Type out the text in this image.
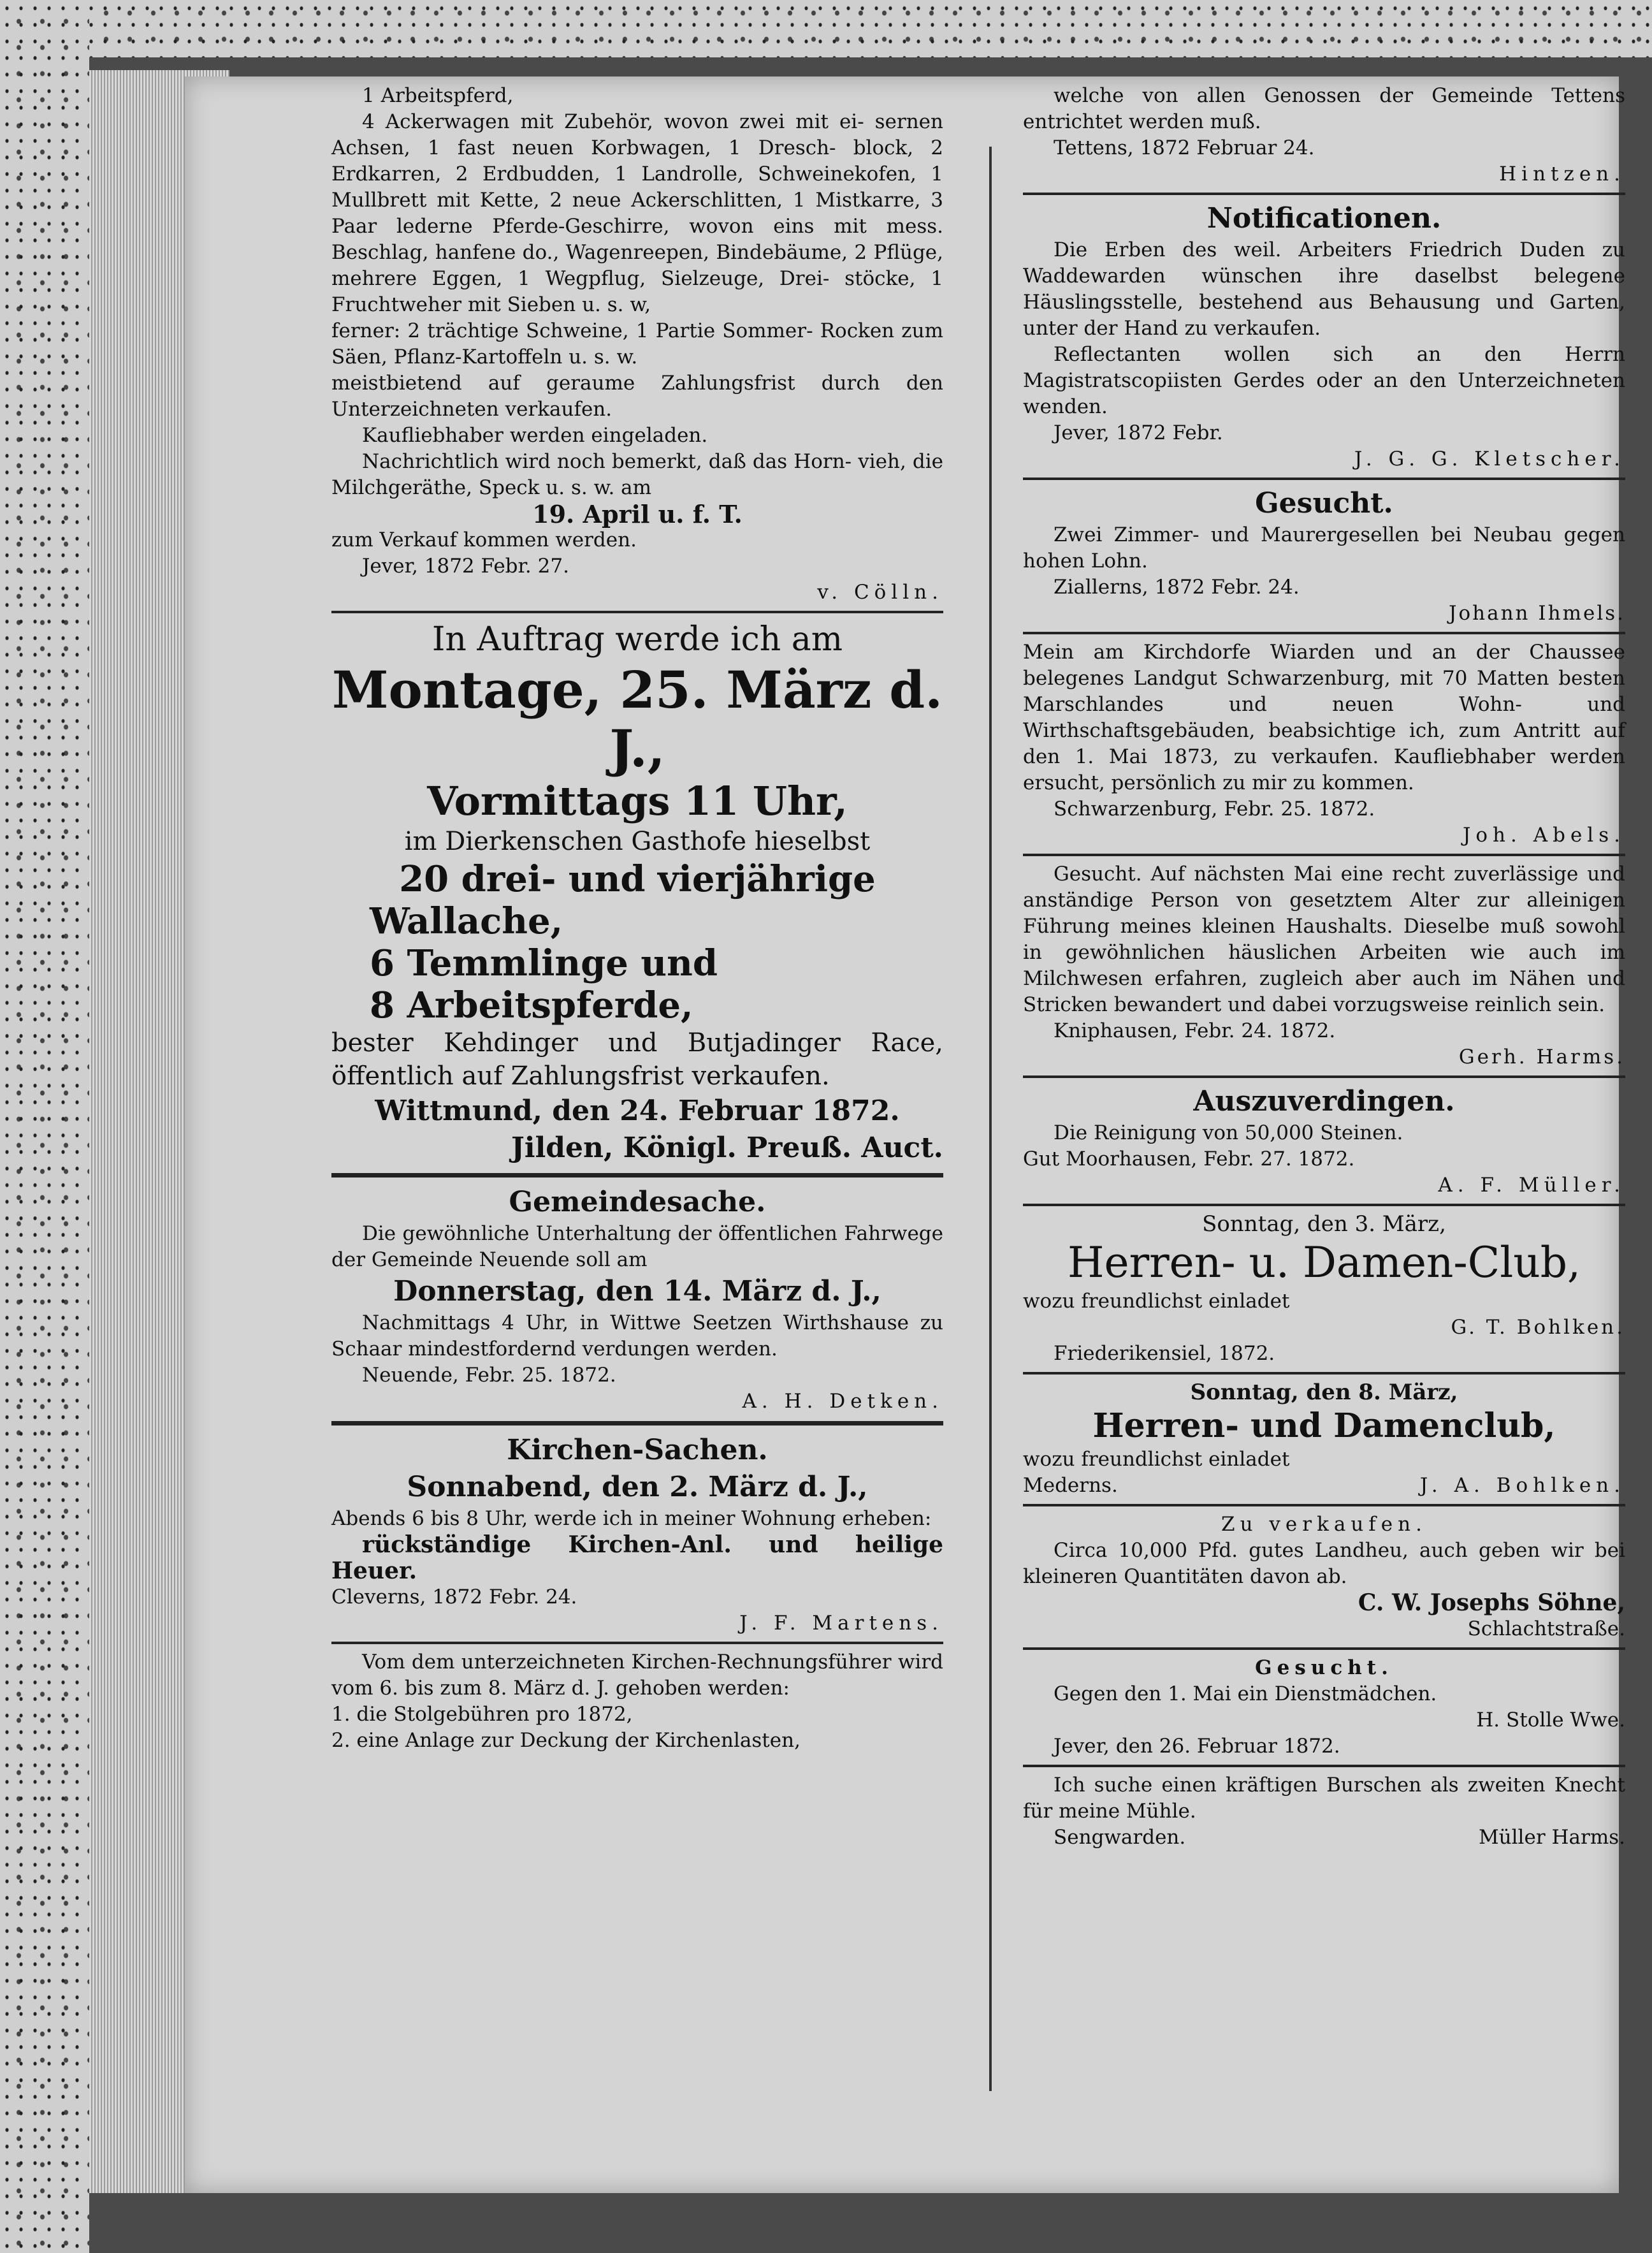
1 Arbeitspferd,

4 Ackerwagen mit Zubehör, wovon zwei mit ei- sernen Achsen, 1 fast neuen Korbwagen, 1 Dresch- block, 2 Erdkarren, 2 Erdbudden, 1 Landrolle, Schweinekofen, 1 Mullbrett mit Kette, 2 neue Ackerschlitten, 1 Mistkarre, 3 Paar lederne Pferde-Geschirre, wovon eins mit mess. Beschlag, hanfene do., Wagenreepen, Bindebäume, 2 Pflüge, mehrere Eggen, 1 Wegpflug, Sielzeuge, Drei- stöcke, 1 Fruchtweher mit Sieben u. s. w,

ferner: 2 trächtige Schweine, 1 Partie Sommer- Rocken zum Säen, Pflanz-Kartoffeln u. s. w.

meistbietend auf geraume Zahlungsfrist durch den Unterzeichneten verkaufen.

Kaufliebhaber werden eingeladen.

Nachrichtlich wird noch bemerkt, daß das Horn- vieh, die Milchgeräthe, Speck u. s. w. am

19. April u. f. T.

zum Verkauf kommen werden.

Jever, 1872 Febr. 27.

v. Cölln.

In Auftrag werde ich am

Montage, 25. März d. J.,

Vormittags 11 Uhr,

im Dierkenschen Gasthofe hieselbst

20 drei- und vierjährige

Wallache,

6 Temmlinge und

8 Arbeitspferde,

bester Kehdinger und Butjadinger Race, öffentlich auf Zahlungsfrist verkaufen.

Wittmund, den 24. Februar 1872.

Jilden, Königl. Preuß. Auct.

Gemeindesache.

Die gewöhnliche Unterhaltung der öffentlichen Fahrwege der Gemeinde Neuende soll am

Donnerstag, den 14. März d. J.,

Nachmittags 4 Uhr, in Wittwe Seetzen Wirthshause zu Schaar mindestfordernd verdungen werden.

Neuende, Febr. 25. 1872.

A. H. Detken.

Kirchen-Sachen.

Sonnabend, den 2. März d. J.,

Abends 6 bis 8 Uhr, werde ich in meiner Wohnung erheben:

rückständige Kirchen-Anl. und heilige Heuer.

Cleverns, 1872 Febr. 24.

J. F. Martens.

Vom dem unterzeichneten Kirchen-Rechnungsführer wird vom 6. bis zum 8. März d. J. gehoben werden:

1. die Stolgebühren pro 1872,

2. eine Anlage zur Deckung der Kirchenlasten,

welche von allen Genossen der Gemeinde Tettens entrichtet werden muß.

Tettens, 1872 Februar 24.

Hintzen.

Notificationen.

Die Erben des weil. Arbeiters Friedrich Duden zu Waddewarden wünschen ihre daselbst belegene Häuslingsstelle, bestehend aus Behausung und Garten, unter der Hand zu verkaufen.

Reflectanten wollen sich an den Herrn Magistratscopiisten Gerdes oder an den Unterzeichneten wenden.

Jever, 1872 Febr.

J. G. G. Kletscher.

Gesucht.

Zwei Zimmer- und Maurergesellen bei Neubau gegen hohen Lohn.

Ziallerns, 1872 Febr. 24.

Johann Ihmels.

Mein am Kirchdorfe Wiarden und an der Chaussee belegenes Landgut Schwarzenburg, mit 70 Matten besten Marschlandes und neuen Wohn- und Wirthschaftsgebäuden, beabsichtige ich, zum Antritt auf den 1. Mai 1873, zu verkaufen. Kaufliebhaber werden ersucht, persönlich zu mir zu kommen.

Schwarzenburg, Febr. 25. 1872.

Joh. Abels.

Gesucht. Auf nächsten Mai eine recht zuverlässige und anständige Person von gesetztem Alter zur alleinigen Führung meines kleinen Haushalts. Dieselbe muß sowohl in gewöhnlichen häuslichen Arbeiten wie auch im Milchwesen erfahren, zugleich aber auch im Nähen und Stricken bewandert und dabei vorzugsweise reinlich sein.

Kniphausen, Febr. 24. 1872.

Gerh. Harms.

Auszuverdingen.

Die Reinigung von 50,000 Steinen.

Gut Moorhausen, Febr. 27. 1872.

A. F. Müller.

Sonntag, den 3. März,

Herren- u. Damen-Club,

wozu freundlichst einladet

G. T. Bohlken.

Friederikensiel, 1872.

Sonntag, den 8. März,

Herren- und Damenclub,

wozu freundlichst einladet

Mederns.	J. A. Bohlken.

Zu verkaufen.

Circa 10,000 Pfd. gutes Landheu, auch geben wir bei kleineren Quantitäten davon ab.

C. W. Josephs Söhne,

Schlachtstraße.

Gesucht.

Gegen den 1. Mai ein Dienstmädchen.

H. Stolle Wwe.

Jever, den 26. Februar 1872.

Ich suche einen kräftigen Burschen als zweiten Knecht für meine Mühle.

Sengwarden.	Müller Harms.
